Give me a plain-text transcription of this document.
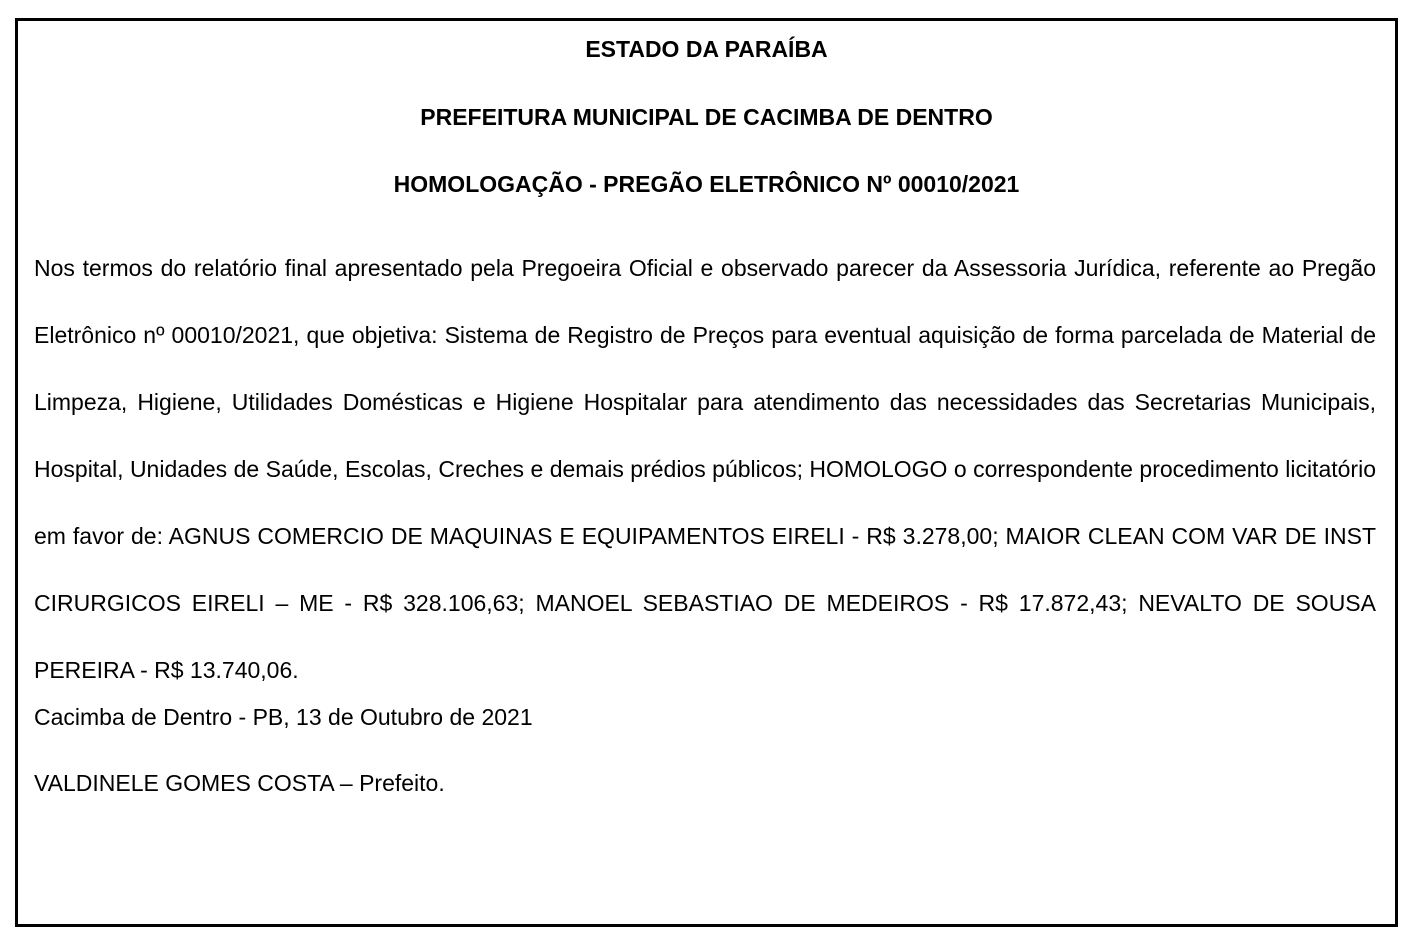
ESTADO DA PARAÍBA
PREFEITURA MUNICIPAL DE CACIMBA DE DENTRO
HOMOLOGAÇÃO - PREGÃO ELETRÔNICO Nº 00010/2021

Nos termos do relatório final apresentado pela Pregoeira Oficial e observado parecer da Assessoria Jurídica, referente ao Pregão Eletrônico nº 00010/2021, que objetiva: Sistema de Registro de Preços para eventual aquisição de forma parcelada de Material de Limpeza, Higiene, Utilidades Domésticas e Higiene Hospitalar para atendimento das necessidades das Secretarias Municipais, Hospital, Unidades de Saúde, Escolas, Creches e demais prédios públicos; HOMOLOGO o correspondente procedimento licitatório em favor de: AGNUS COMERCIO DE MAQUINAS E EQUIPAMENTOS EIRELI - R$ 3.278,00; MAIOR CLEAN COM VAR DE INST CIRURGICOS EIRELI – ME - R$ 328.106,63; MANOEL SEBASTIAO DE MEDEIROS - R$ 17.872,43; NEVALTO DE SOUSA PEREIRA - R$ 13.740,06.

Cacimba de Dentro - PB, 13 de Outubro de 2021
VALDINELE GOMES COSTA – Prefeito.
